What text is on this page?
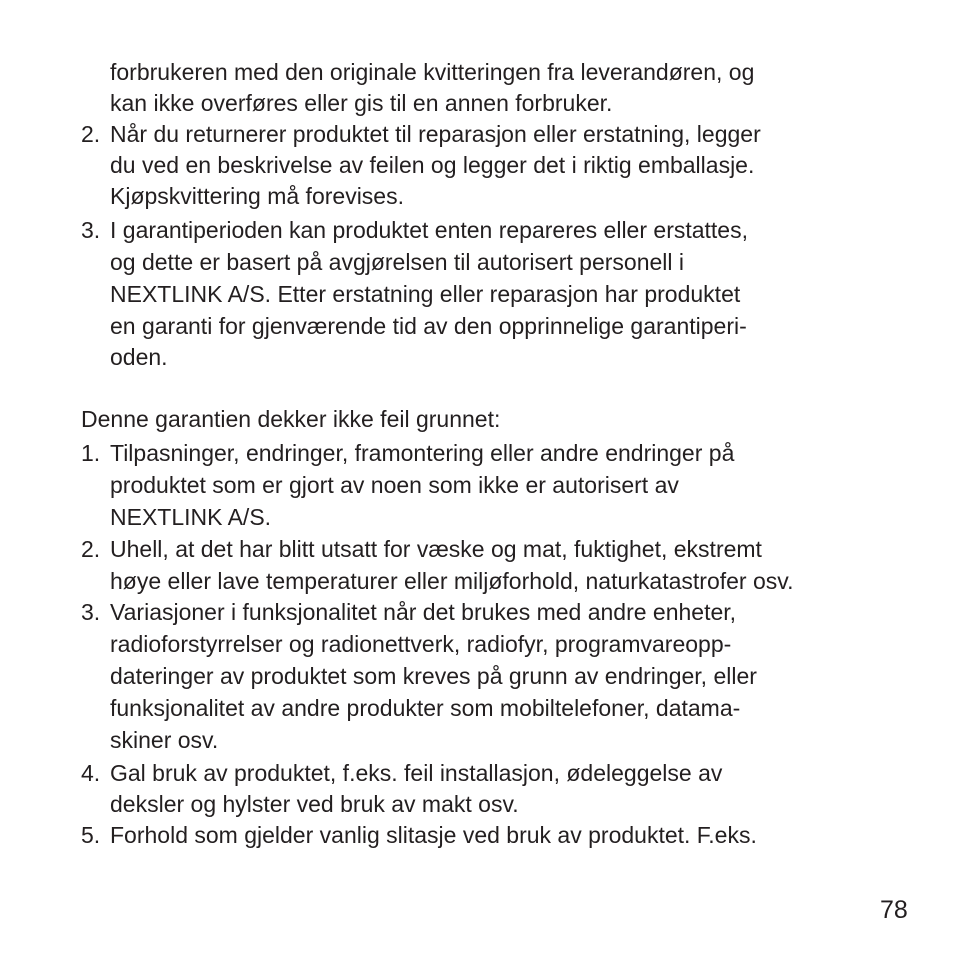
forbrukeren med den originale kvitteringen fra leverandøren, og

kan ikke overføres eller gis til en annen forbruker.

2. Når du returnerer produktet til reparasjon eller erstatning, legger

du ved en beskrivelse av feilen og legger det i riktig emballasje.

Kjøpskvittering må forevises.

3. I garantiperioden kan produktet enten repareres eller erstattes,

og dette er basert på avgjørelsen til autorisert personell i

NEXTLINK A/S. Etter erstatning eller reparasjon har produktet

en garanti for gjenværende tid av den opprinnelige garantiperi-

oden.

Denne garantien dekker ikke feil grunnet:

1. Tilpasninger, endringer, framontering eller andre endringer på

produktet som er gjort av noen som ikke er autorisert av

NEXTLINK A/S.

2. Uhell, at det har blitt utsatt for væske og mat, fuktighet, ekstremt

høye eller lave temperaturer eller miljøforhold, naturkatastrofer osv.

3. Variasjoner i funksjonalitet når det brukes med andre enheter,

radioforstyrrelser og radionettverk, radiofyr, programvareopp-

dateringer av produktet som kreves på grunn av endringer, eller

funksjonalitet av andre produkter som mobiltelefoner, datama-

skiner osv.

4. Gal bruk av produktet, f.eks. feil installasjon, ødeleggelse av

deksler og hylster ved bruk av makt osv.

5. Forhold som gjelder vanlig slitasje ved bruk av produktet. F.eks.

78
